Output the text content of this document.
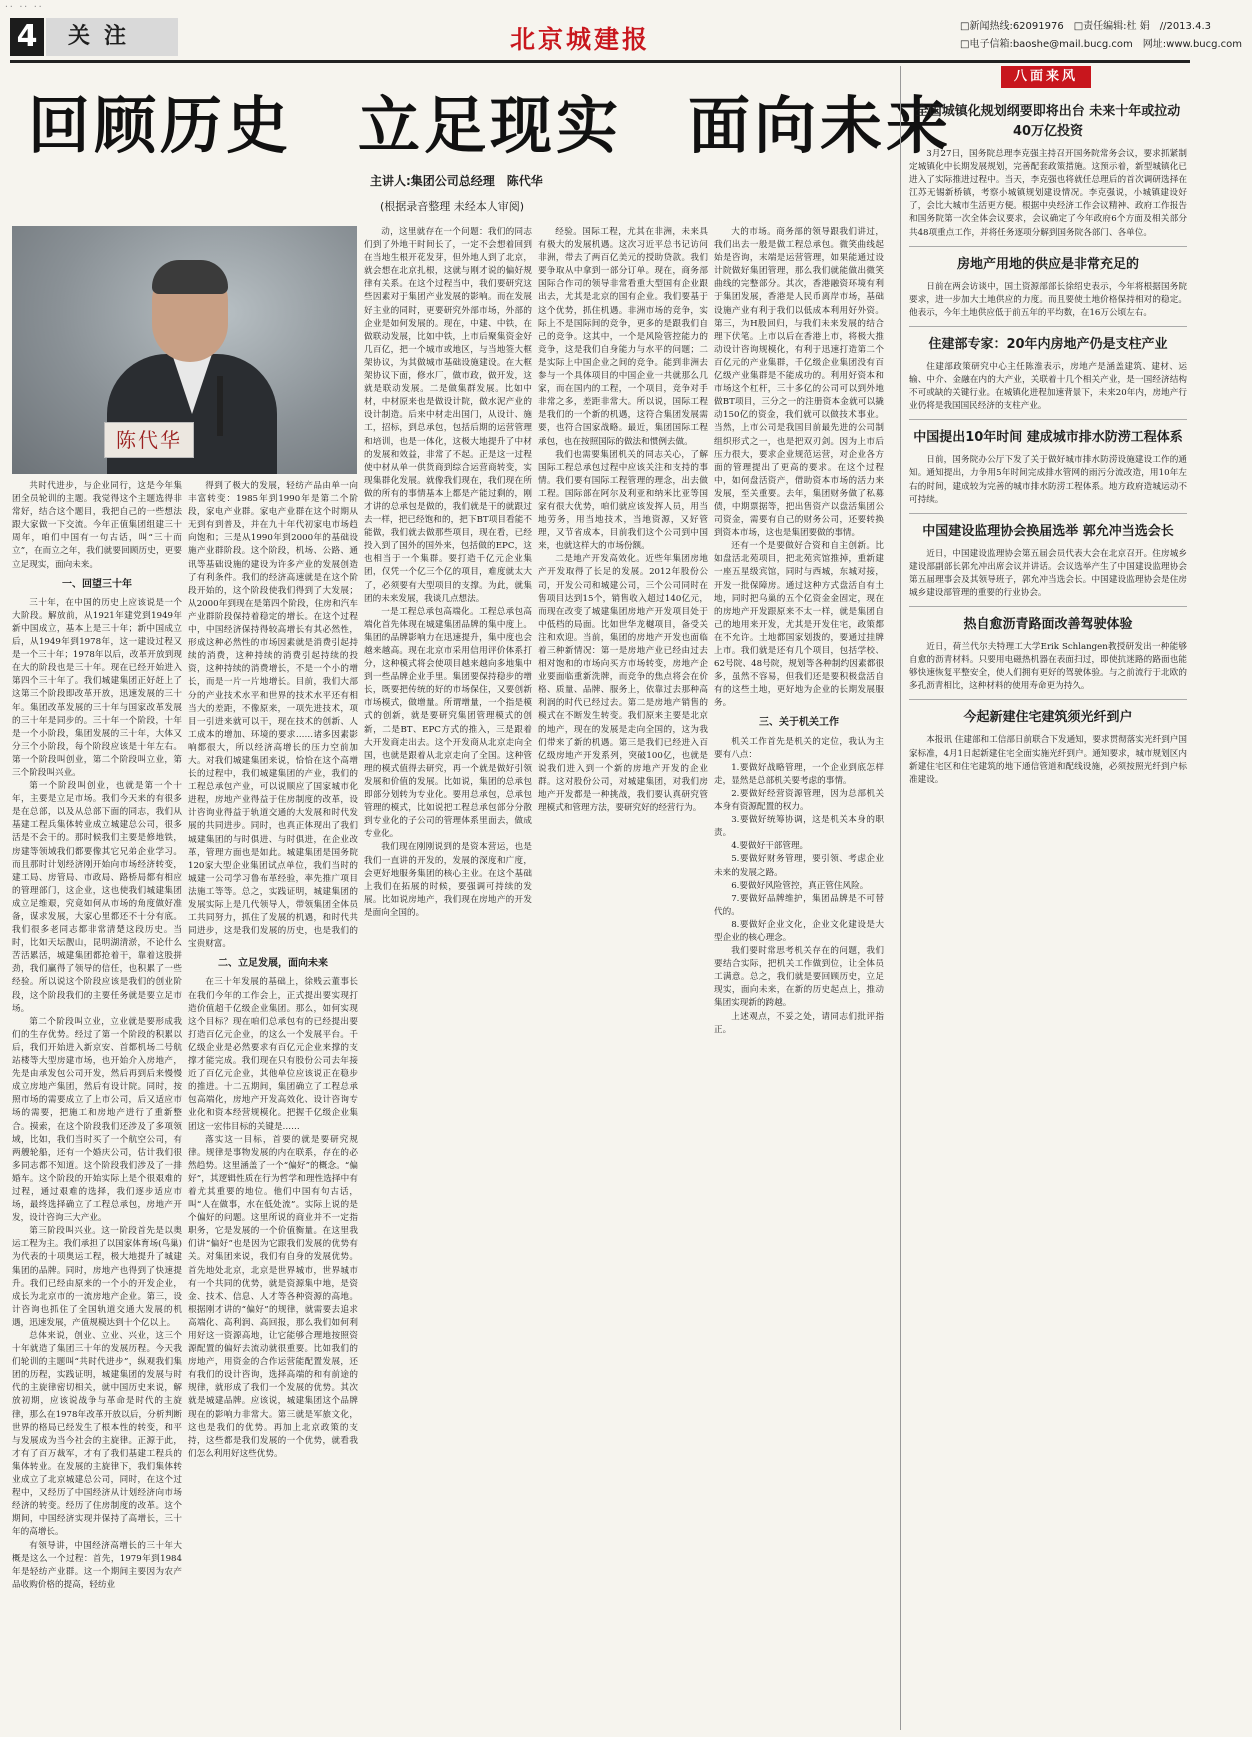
·· ·· ··
4	关注	北京城建报	□新闻热线:62091976 □责任编辑:杜 娟 //2013.4.3
□电子信箱:baoshe@mail.bucg.com 网址:www.bucg.com
回顾历史　立足现实　面向未来
主讲人:集团公司总经理　陈代华
(根据录音整理 未经本人审阅)
陈代华

共时代进步，与企业同行，这是今年集团全员轮训的主题。我觉得这个主题选得非常好，结合这个题目，我把自己的一些想法跟大家做一下交流。今年正值集团组建三十周年，咱们中国有一句古话，叫“三十而立”，在而立之年，我们就要回顾历史，更要立足现实，面向未来。

一、回望三十年

三十年，在中国的历史上应该说是一个大阶段。解放前，从1921年建党到1949年新中国成立，基本上是三十年；新中国成立后，从1949年到1978年，这一建设过程又是一个三十年；1978年以后，改革开放到现在大的阶段也是三十年。现在已经开始进入第四个三十年了。我们城建集团正好赶上了这第三个阶段即改革开放，迅速发展的三十年。集团改革发展的三十年与国家改革发展的三十年是同步的。三十年一个阶段，十年是一个小阶段，集团发展的三十年，大体又分三个小阶段，每个阶段应该是十年左右。第一个阶段叫创业，第二个阶段叫立业，第三个阶段叫兴业。

第一个阶段叫创业，也就是第一个十年，主要是立足市场。我们今天来的有很多是在总部，以及从总部下面的同志，我们从基建工程兵集体转业成立城建总公司，很多活是不会干的。那时候我们主要是修地铁，房建等领域我们都要像其它兄弟企业学习。而且那时计划经济刚开始向市场经济转变，建工局、房管局、市政局、路桥局都有相应的管理部门，这企业，这也使我们城建集团成立足维艰，究竟如何从市场的角度做好准备，谋求发展，大家心里都还不十分有底。我们很多老同志都非常清楚这段历史。当时，比如天坛靓山，昆明湖清淤，不论什么苦活累活，城建集团都抢着干，靠着这股拼劲，我们赢得了领导的信任，也积累了一些经验。所以说这个阶段应该是我们的创业阶段，这个阶段我们的主要任务就是要立足市场。

第二个阶段叫立业，立业就是要形成我们的生存优势。经过了第一个阶段的积累以后，我们开始进入新京安、首都机场二号航站楼等大型房建市场，也开始介入房地产，先是由承发包公司开发，然后再到后来慢慢成立房地产集团，然后有设计院。同时，按照市场的需要成立了上市公司，后又适应市场的需要，把施工和房地产进行了重新整合。摸索，在这个阶段我们还涉及了多项领域，比如，我们当时买了一个航空公司，有两艘轮船，还有一个婚庆公司，估计我们很多同志都不知道。这个阶段我们涉及了一排婚车。这个阶段的开始实际上是个很艰难的过程，通过艰难的选择，我们逐步适应市场，最终选择确立了工程总承包，房地产开发，设计咨询三大产业。

第三阶段叫兴业。这一阶段首先是以奥运工程为主。我们承担了以国家体育场(鸟巢)为代表的十项奥运工程，极大地提升了城建集团的品牌。同时，房地产也得到了快速提升。我们已经由原来的一个小的开发企业，成长为北京市的一流房地产企业。第三，设计咨询也抓住了全国轨道交通大发展的机遇，迅速发展，产值规模达到十个亿以上。

总体来说，创业、立业、兴业，这三个十年就造了集团三十年的发展历程。今天我们轮训的主题叫“共时代进步”，纵观我们集团的历程，实践证明，城建集团的发展与时代的主旋律密切相关，就中国历史来说，解放初期，应该说战争与革命是时代的主旋律，那么在1978年改革开放以后，分析判断世界的格局已经发生了根本性的转变，和平与发展成为当今社会的主旋律。正源于此，才有了百万裁军，才有了我们基建工程兵的集体转业。在发展的主旋律下，我们集体转业成立了北京城建总公司，同时，在这个过程中，又经历了中国经济从计划经济向市场经济的转变。经历了住房制度的改革。这个期间，中国经济实现并保持了高增长，三十年的高增长。

有领导讲，中国经济高增长的三十年大概是这么一个过程：首先，1979年到1984年是轻纺产业群。这一个期间主要因为农产品收购价格的提高，轻纺业

得到了极大的发展，轻纺产品由单一向丰富转变：1985年到1990年是第二个阶段，家电产业群。家电产业群在这个时期从无到有到普及，并在九十年代初家电市场趋向饱和；三是从1990年到2000年的基础设施产业群阶段。这个阶段，机场、公路、通讯等基础设施的建设为许多产业的发展创造了有利条件。我们的经济高速就是在这个阶段开始的，这个阶段使我们得到了大发展；从2000年到现在是第四个阶段，住房和汽车产业群阶段保持着稳定的增长。在这个过程中，中国经济保持得较高增长有其必然性，形成这种必然性的市场因素就是消费引起持续的消费，这种持续的消费引起持续的投资，这种持续的消费增长，不是一个小的增长，而是一片一片地增长。目前，我们大部分的产业技术水平和世界的技术水平还有相当大的差距，不像原来，一项先进技术，项目一引进来就可以干，现在技术的创新、人工成本的增加、环境的要求……诸多因素影响都很大，所以经济高增长的压力空前加大。对我们城建集团来说，恰恰在这个高增长的过程中，我们城建集团的产业，我们的工程总承包产业，可以说顺应了国家城市化进程，房地产业得益于住房制度的改革，设计咨询业得益于轨道交通的大发展和时代发展的共同进步。同时，也真正体现出了我们城建集团的与时俱进、与时俱进，在企业改革，管理方面也是如此。城建集团是国务院120家大型企业集团试点单位，我们当时的城建一公司学习鲁布革经验，率先推广项目法施工等等。总之，实践证明，城建集团的发展实际上是几代领导人，带领集团全体员工共同努力，抓住了发展的机遇，和时代共同进步，这是我们发展的历史，也是我们的宝贵财富。

二、立足发展，面向未来

在三十年发展的基础上，徐贱云董事长在我们今年的工作会上，正式提出要实现打造价值超千亿级企业集团。那么，如何实现这个目标？现在咱们总承包有的已经提出要打造百亿元企业，的这么一个发展平台。千亿级企业是必然要求有百亿元企业来撑的支撑才能完成。我们现在只有股份公司去年接近了百亿元企业，其他单位应该说正在稳步的推进。十二五期间，集团确立了工程总承包高端化，房地产开发高效化、设计咨询专业化和资本经营规模化。把握千亿级企业集团这一宏伟目标的关键是……

落实这一目标，首要的就是要研究规律。规律是事物发展的内在联系，存在的必然趋势。这里涵盖了一个“偏好”的概念。“偏好”，其逻辑性质在行为哲学和理性选择中有着尤其重要的地位。他们中国有句古话，叫“人在做事，水在低处流”。实际上说的是个偏好的问题。这里所说的商业并不一定指职务，它是发展的一个价值衡量。在这里我们讲“偏好”也是因为它跟我们发展的优势有关。对集团来说，我们有自身的发展优势。首先地处北京，北京是世界城市，世界城市有一个共同的优势，就是资源集中地，是资金、技术、信息、人才等各种资源的高地。根据刚才讲的“偏好”的规律，就需要去追求高端化、高利润、高回报，那么我们如何利用好这一资源高地，让它能够合理地按照资源配置的偏好去流动就很重要。比如我们的房地产，用资金的合作运营能配置发展，还有我们的设计咨询，选择高端的和有前途的规律，就形成了我们一个发展的优势。其次就是城建品牌。应该说，城建集团这个品牌现在的影响力非常大。第三就是军旅文化，这也是我们的优势。再加上北京政策的支持，这些都是我们发展的一个优势，就看我们怎么利用好这些优势。

动，这里就存在一个问题：我们的同志们到了外地干时间长了，一定不会想着回到在当地生根开花发芽，但外地人到了北京，就会想在北京扎根，这就与刚才说的偏好规律有关系。在这个过程当中，我们要研究这些因素对于集团产业发展的影响。而在发展好主业的同时，更要研究外部市场，外部的企业是如何发展的。现在，中建、中铁，在做联动发展，比如中铁，上市后聚集资金好几百亿，把一个城市或地区，与当地签大框架协议，为其做城市基础设施建设。在大框架协议下面，修水厂，做市政，做开发，这就是联动发展。二是做集群发展。比如中材，中材原来也是做设计院，做水泥产业的设计制造。后来中材走出国门，从设计、施工，招标，到总承包，包括后期的运营管理和培训，也是一体化，这极大地提升了中材的发展和效益，非常了不起。正是这一过程使中材从单一供货商到综合运营商转变，实现集群化发展。就像我们现在，我们现在所做的所有的事情基本上都是产能过剩的，刚才讲的总承包是做的，我们就是干的就跟过去一样，把已经饱和的，把下BT项目看能不能做，我们就去做那些项目，现在看，已经投入到了国外的国外来，包括做的EPC，这也相当于一个集群。要打造千亿元企业集团，仅凭一个亿三个亿的项目，难度就太大了，必须要有大型项目的支撑。为此，就集团的未来发展，我谈几点想法。

一是工程总承包高端化。工程总承包高端化首先体现在城建集团品牌的集中度上。集团的品牌影响力在迅速提升，集中度也会越来越高。现在北京市采用信用评价体系打分，这种模式将会使项目越来越向多地集中到一些品牌企业手里。集团要保持稳步的增长，既要把传统的好的市场保住，又要创新市场模式，做增量。所谓增量，一个指是模式的创新，就是要研究集团管理模式的创新，二是BT、EPC方式的推入，三是跟着大开发商走出去。这个开发商从北京走向全国，也就是跟着从北京走向了全国。这种管理的模式值得去研究，再一个就是做好引领发展和价值的发展。比如说，集团的总承包即部分划转为专业化。要用总承包，总承包管理的模式，比如说把工程总承包部分分散到专业化的子公司的管理体系里面去，做成专业化。

我们现在刚刚说到的是资本营运，也是我们一直讲的开发的，发展的深度和广度，会更好地服务集团的核心主业。在这个基础上我们在拓展的时候，要强调可持续的发展。比如说房地产，我们现在房地产的开发是面向全国的。

经验。国际工程，尤其在非洲，未来具有极大的发展机遇。这次习近平总书记访问非洲，带去了两百亿美元的授助贷款。我们要争取从中拿到一部分订单。现在，商务部国际合作司的领导非常看重大型国有企业跟出去，尤其是北京的国有企业。我们要基于这个优势，抓住机遇。非洲市场的竞争，实际上不是国际间的竞争，更多的是跟我们自己的竞争。这其中，一个是风险管控能力的竞争，这是我们自身能力与水平的问题；二是实际上中国企业之间的竞争。能到非洲去参与一个具体项目的中国企业一共就那么几家，而在国内的工程，一个项目，竞争对手非常之多，差距非常大。所以说，国际工程是我们的一个新的机遇，这符合集团发展需要，也符合国家战略。最近，集团国际工程承包，也在按照国际的做法和惯例去做。

我们也需要集团机关的同志关心，了解国际工程总承包过程中应该关注和支持的事情。我们要有国际工程管理的理念，出去做工程。国际部在阿尔及利亚和纳米比亚等国家有很大优势，咱们就应该发挥人员，用当地劳务，用当地技术，当地资源，又好管理，又节省成本，目前我们这个公司到中国来，也就这样大的市场份额。

二是地产开发高效化。近些年集团房地产开发取得了长足的发展。2012年股份公司，开发公司和城建公司，三个公司同时在售项目达到15个，销售收入超过140亿元，而现在改变了城建集团房地产开发项目处于中低档的局面。比如世华龙樾项目，备受关注和欢迎。当前，集团的房地产开发也面临着三种新情况：第一是房地产业已经由过去相对饱和的市场向买方市场转变，房地产企业要面临重新洗牌，而竞争的焦点将会在价格、质量、品牌、服务上，依靠过去那种高利润的时代已经过去。第二是房地产销售的模式在不断发生转变。我们原来主要是北京的地产，现在的发展是走向全国的，这为我们带来了新的机遇。第三是我们已经进入百亿级房地产开发系列，突破100亿，也就是说我们进入到一个新的房地产开发的企业群。这对股份公司，对城建集团，对我们房地产开发都是一种挑战，我们要认真研究管理模式和管理方法，要研究好的经营行为。

大的市场。商务部的领导跟我们讲过，我们出去一般是做工程总承包。微笑曲线起始是咨询，末端是运营管理，如果能通过设计院做好集团管理，那么我们就能做出微笑曲线的完整部分。其次，香港融资环境有利于集团发展，香港是人民币离岸市场，基础设施产业有利于我们以低成本利用好外资。第三，为H股回归，与我们未来发展的结合理下伏笔。上市以后在香港上市，将极大推动设计咨询规模化，有利于迅速打造第二个百亿元的产业集群，千亿级企业集团没有百亿级产业集群是不能成功的。利用好资本和市场这个杠杆，三十多亿的公司可以到外地做BT项目，三分之一的注册资本金就可以撬动150亿的资金，我们就可以做技术事业。当然，上市公司是我国目前最先进的公司制组织形式之一，也是把双刃剑。因为上市后压力很大，要求企业规范运营，对企业各方面的管理提出了更高的要求。在这个过程中，如何盘活资产，借助资本市场的活力来发展，至关重要。去年，集团财务做了私募债，中期票据等，把出售资产以盘活集团公司资金，需要有自己的财务公司，还要转换到资本市场，这也是集团要做的事情。

还有一个是要做好合资和自主创新。比如盘活北苑项目，把北苑宾馆推掉，重新建一座五星级宾馆，同时与西城，东城对接，开发一批保障房。通过这种方式盘活自有土地，同时把乌巢的五个亿资金金固定，现在的房地产开发跟原来不太一样，就是集团自己的地用来开发，尤其是开发住宅，政策都在不允许。土地都国家划拨的，要通过挂牌上市。我们就是还有几个项目，包括学校、62号院、48号院，规划等各种制约因素都很多，虽然不容易，但我们还是要积极盘活自有的这些土地，更好地为企业的长期发展服务。

三、关于机关工作

机关工作首先是机关的定位，我认为主要有八点：

1.要做好战略管理，一个企业到底怎样走，显然是总部机关要考虑的事情。

2.要做好经营资源管理，因为总部机关本身有资源配置的权力。

3.要做好统筹协调，这是机关本身的职责。

4.要做好干部管理。

5.要做好财务管理，要引领、考虑企业未来的发展之路。

6.要做好风险管控，真正管住风险。

7.要做好品牌维护，集团品牌是不可替代的。

8.要做好企业文化，企业文化建设是大型企业的核心理念。

我们要时常思考机关存在的问题，我们要结合实际，把机关工作做到位，让全体员工满意。总之，我们就是要回顾历史，立足现实，面向未来，在新的历史起点上，推动集团实现新的跨越。

上述观点，不妥之处，请同志们批评指正。

八面来风
全国城镇化规划纲要即将出台 未来十年或拉动40万亿投资

3月27日，国务院总理李克强主持召开国务院常务会议，要求抓紧制定城镇化中长期发展规划，完善配套政策措施。这预示着，新型城镇化已进入了实际推进过程中。当天，李克强也将就任总理后的首次调研选择在江苏无锡新桥镇，考察小城镇规划建设情况。李克强说，小城镇建设好了，会比大城市生活更方便。根据中央经济工作会议精神、政府工作报告和国务院第一次全体会议要求，会议确定了今年政府6个方面及相关部分共48项重点工作，并将任务逐项分解到国务院各部门、各单位。

房地产用地的供应是非常充足的

日前在两会访谈中，国土资源部部长徐绍史表示，今年将根据国务院要求，进一步加大土地供应的力度。而且要使土地价格保持相对的稳定。他表示，今年土地供应低于前五年的平均数，在16万公顷左右。

住建部专家：20年内房地产仍是支柱产业

住建部政策研究中心主任陈淮表示，房地产是涵盖建筑、建材、运输、中介、金融在内的大产业，关联着十几个相关产业，是一国经济结构不可或缺的关键行业。在城镇化进程加速背景下，未来20年内，房地产行业仍将是我国国民经济的支柱产业。

中国提出10年时间 建成城市排水防涝工程体系

日前，国务院办公厅下发了关于做好城市排水防涝设施建设工作的通知。通知提出，力争用5年时间完成排水管网的雨污分流改造，用10年左右的时间，建成较为完善的城市排水防涝工程体系。地方政府造城运动不可持续。

中国建设监理协会换届选举 郭允冲当选会长

近日，中国建设监理协会第五届会员代表大会在北京召开。住房城乡建设部副部长郭允冲出席会议并讲话。会议选举产生了中国建设监理协会第五届理事会及其领导班子，郭允冲当选会长。中国建设监理协会是住房城乡建设部管理的重要的行业协会。

热自愈沥青路面改善驾驶体验

近日，荷兰代尔夫特理工大学Erik Schlangen教授研发出一种能够自愈的沥青材料。只要用电磁热机器在表面扫过，即使抗迷路的路面也能够快速恢复平整安全，使人们拥有更好的驾驶体验。与之前流行于北欧的多孔沥青相比，这种材料的使用寿命更为持久。

今起新建住宅建筑须光纤到户

本报讯 住建部和工信部日前联合下发通知，要求贯彻落实光纤到户国家标准，4月1日起新建住宅全面实施光纤到户。通知要求，城市规划区内新建住宅区和住宅建筑的地下通信管道和配线设施，必须按照光纤到户标准建设。
